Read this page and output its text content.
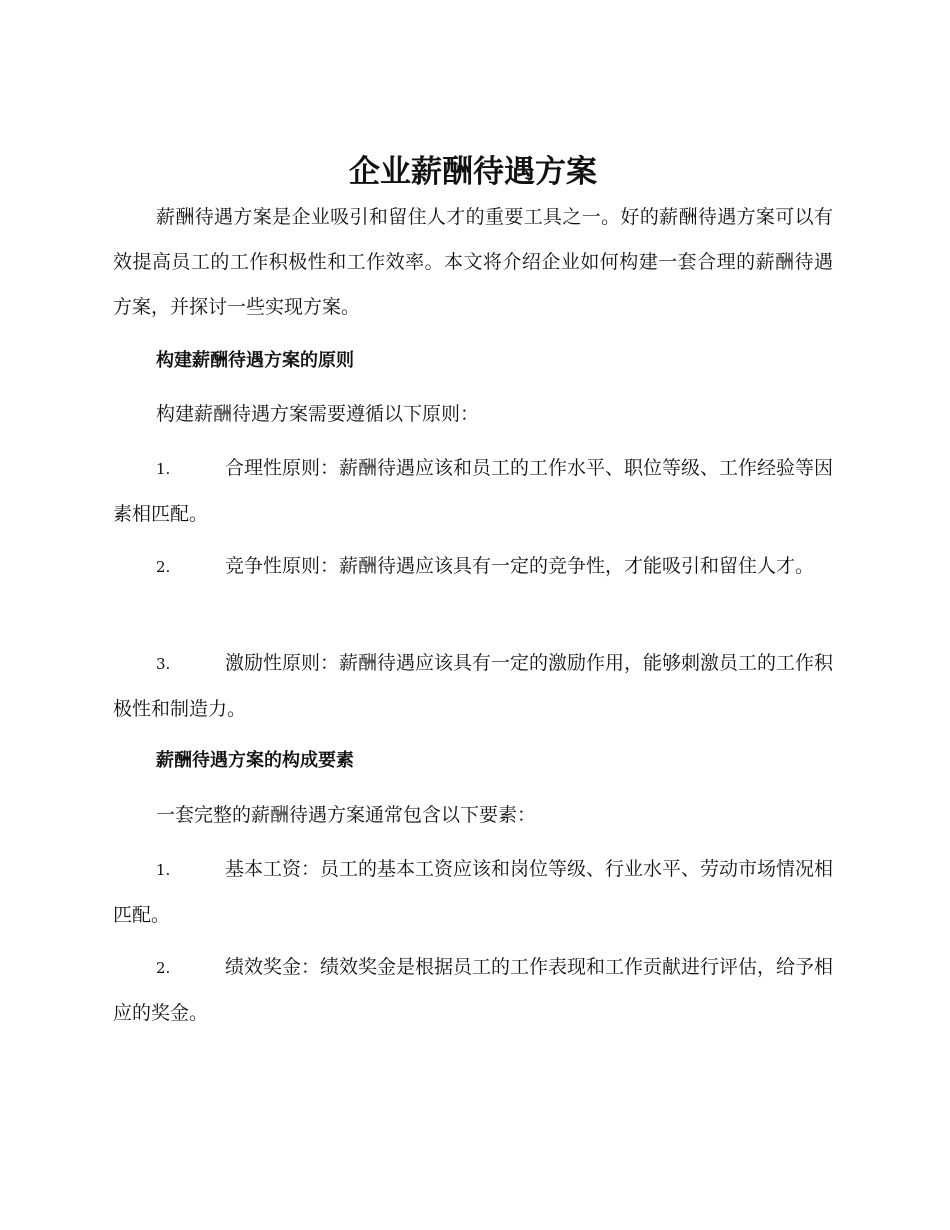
企业薪酬待遇方案

薪酬待遇方案是企业吸引和留住人才的重要工具之一。好的薪酬待遇方案可以有效提高员工的工作积极性和工作效率。本文将介绍企业如何构建一套合理的薪酬待遇方案，并探讨一些实现方案。

构建薪酬待遇方案的原则

构建薪酬待遇方案需要遵循以下原则：

1.	合理性原则：薪酬待遇应该和员工的工作水平、职位等级、工作经验等因素相匹配。

2.	竞争性原则：薪酬待遇应该具有一定的竞争性，才能吸引和留住人才。

3.	激励性原则：薪酬待遇应该具有一定的激励作用，能够刺激员工的工作积极性和制造力。

薪酬待遇方案的构成要素

一套完整的薪酬待遇方案通常包含以下要素：

1.	基本工资：员工的基本工资应该和岗位等级、行业水平、劳动市场情况相匹配。

2.	绩效奖金：绩效奖金是根据员工的工作表现和工作贡献进行评估，给予相应的奖金。
